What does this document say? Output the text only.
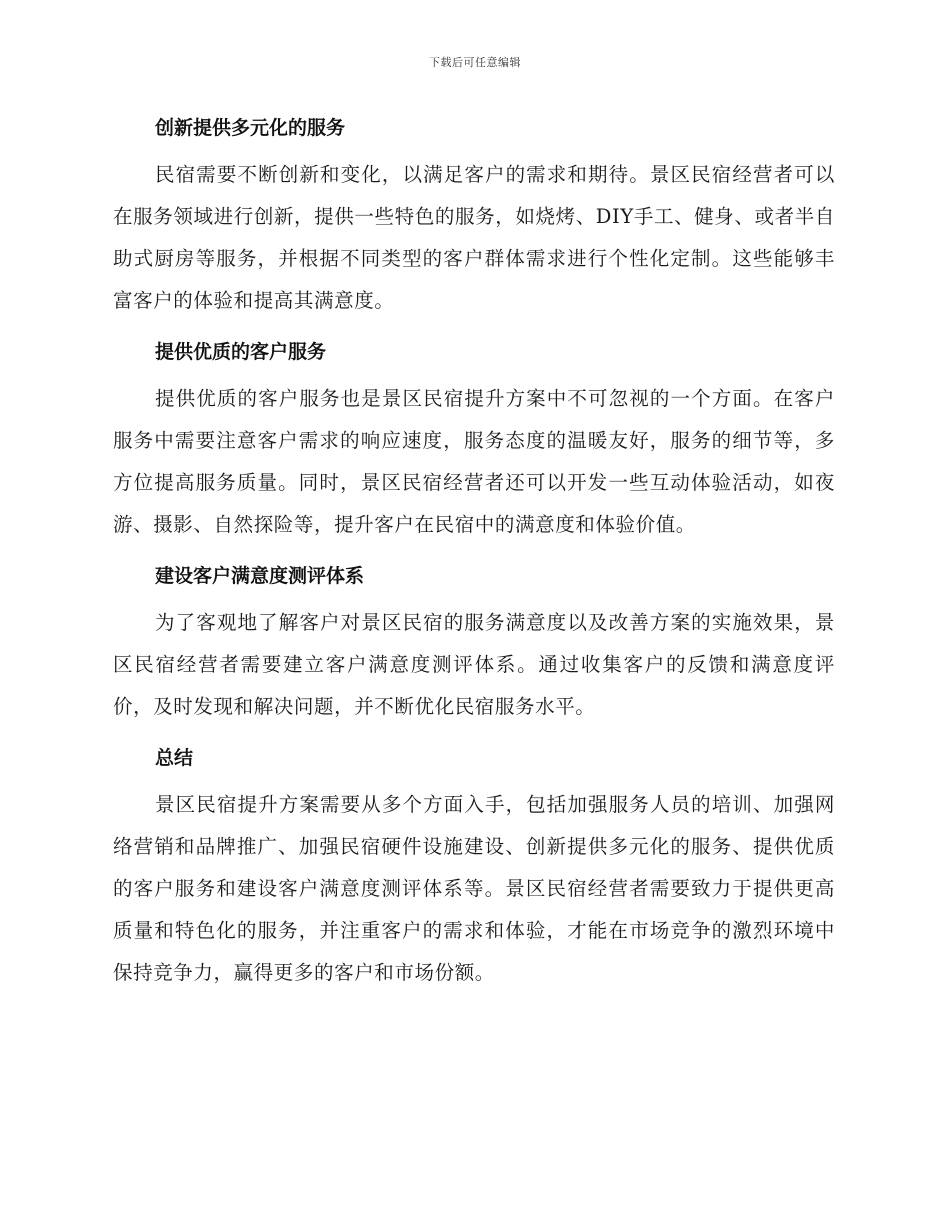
下载后可任意编辑
创新提供多元化的服务

民宿需要不断创新和变化，以满足客户的需求和期待。景区民宿经营者可以在服务领域进行创新，提供一些特色的服务，如烧烤、DIY手工、健身、或者半自助式厨房等服务，并根据不同类型的客户群体需求进行个性化定制。这些能够丰富客户的体验和提高其满意度。

提供优质的客户服务

提供优质的客户服务也是景区民宿提升方案中不可忽视的一个方面。在客户服务中需要注意客户需求的响应速度，服务态度的温暖友好，服务的细节等，多方位提高服务质量。同时，景区民宿经营者还可以开发一些互动体验活动，如夜游、摄影、自然探险等，提升客户在民宿中的满意度和体验价值。

建设客户满意度测评体系

为了客观地了解客户对景区民宿的服务满意度以及改善方案的实施效果，景区民宿经营者需要建立客户满意度测评体系。通过收集客户的反馈和满意度评价，及时发现和解决问题，并不断优化民宿服务水平。

总结

景区民宿提升方案需要从多个方面入手，包括加强服务人员的培训、加强网络营销和品牌推广、加强民宿硬件设施建设、创新提供多元化的服务、提供优质的客户服务和建设客户满意度测评体系等。景区民宿经营者需要致力于提供更高质量和特色化的服务，并注重客户的需求和体验，才能在市场竞争的激烈环境中保持竞争力，赢得更多的客户和市场份额。
